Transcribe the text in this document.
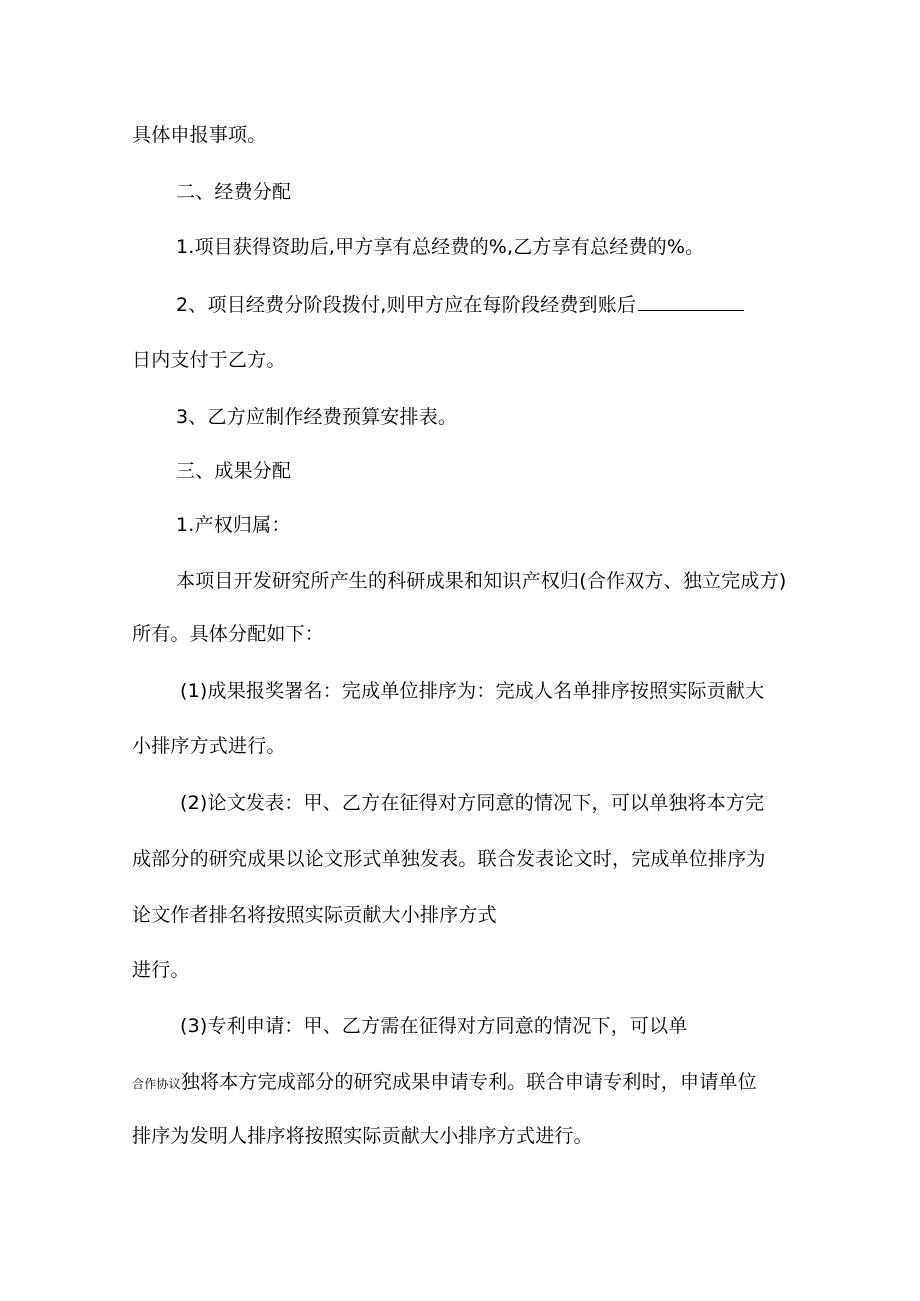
具体申报事项。
二、经费分配
1.项目获得资助后,甲方享有总经费的%,乙方享有总经费的%。
2、项目经费分阶段拨付,则甲方应在每阶段经费到账后
日内支付于乙方。
3、乙方应制作经费预算安排表。
三、成果分配
1.产权归属：
本项目开发研究所产生的科研成果和知识产权归(合作双方、独立完成方)
所有。具体分配如下：
(1)成果报奖署名：完成单位排序为：完成人名单排序按照实际贡献大
小排序方式进行。
(2)论文发表：甲、乙方在征得对方同意的情况下，可以单独将本方完
成部分的研究成果以论文形式单独发表。联合发表论文时，完成单位排序为
论文作者排名将按照实际贡献大小排序方式
进行。
(3)专利申请：甲、乙方需在征得对方同意的情况下，可以单
合作协议独将本方完成部分的研究成果申请专利。联合申请专利时，申请单位
排序为发明人排序将按照实际贡献大小排序方式进行。
